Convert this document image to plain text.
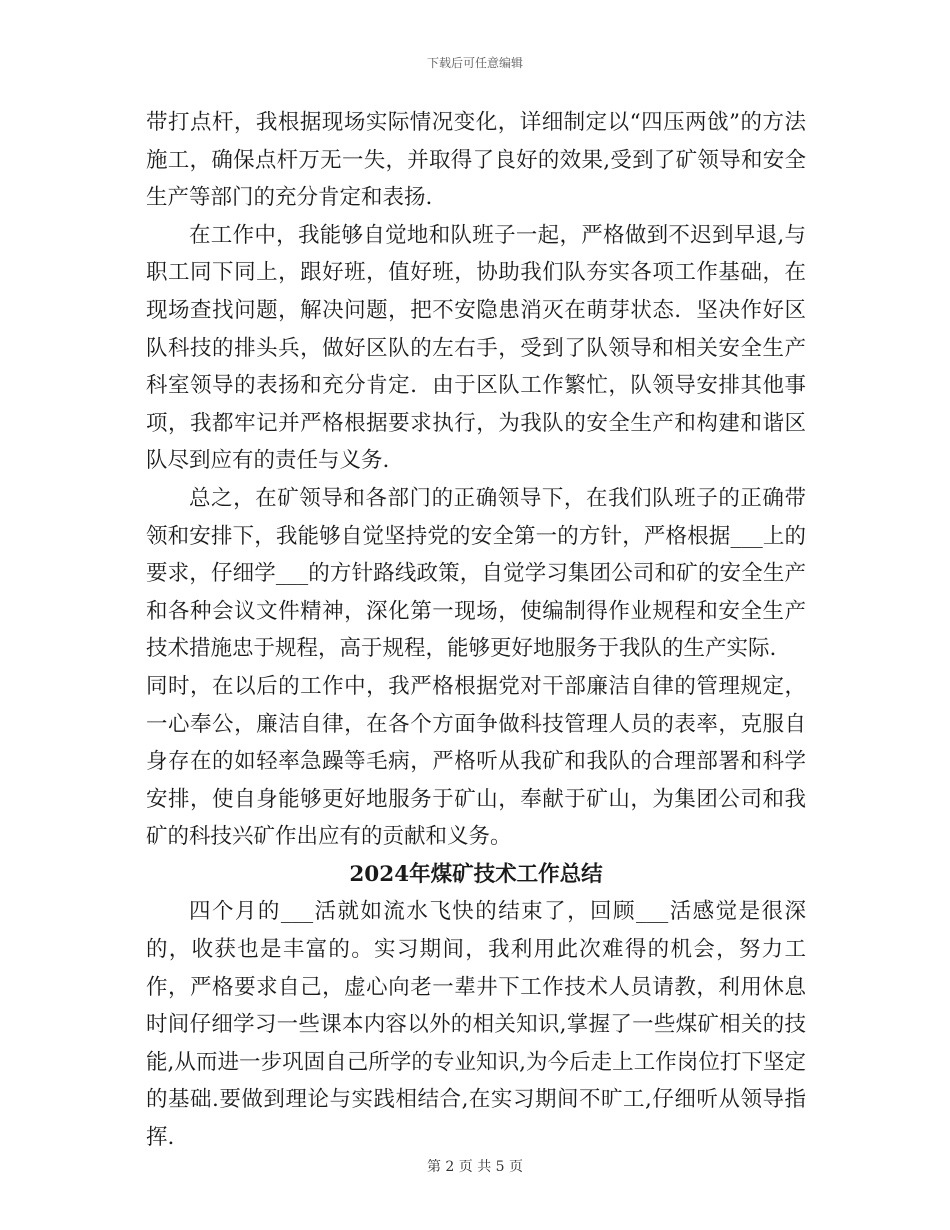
下载后可任意编辑

带打点杆，我根据现场实际情况变化，详细制定以“四压两戗”的方法施工，确保点杆万无一失，并取得了良好的效果,受到了矿领导和安全生产等部门的充分肯定和表扬.

在工作中，我能够自觉地和队班子一起，严格做到不迟到早退,与职工同下同上，跟好班，值好班，协助我们队夯实各项工作基础，在现场查找问题，解决问题，把不安隐患消灭在萌芽状态．坚决作好区队科技的排头兵，做好区队的左右手，受到了队领导和相关安全生产科室领导的表扬和充分肯定．由于区队工作繁忙，队领导安排其他事项，我都牢记并严格根据要求执行，为我队的安全生产和构建和谐区队尽到应有的责任与义务.

总之，在矿领导和各部门的正确领导下，在我们队班子的正确带领和安排下，我能够自觉坚持党的安全第一的方针，严格根据___上的要求，仔细学___的方针路线政策，自觉学习集团公司和矿的安全生产和各种会议文件精神，深化第一现场，使编制得作业规程和安全生产技术措施忠于规程，高于规程，能够更好地服务于我队的生产实际.

同时，在以后的工作中，我严格根据党对干部廉洁自律的管理规定，一心奉公，廉洁自律，在各个方面争做科技管理人员的表率，克服自身存在的如轻率急躁等毛病，严格听从我矿和我队的合理部署和科学安排，使自身能够更好地服务于矿山，奉献于矿山，为集团公司和我矿的科技兴矿作出应有的贡献和义务。

2024年煤矿技术工作总结

四个月的___活就如流水飞快的结束了，回顾___活感觉是很深的，收获也是丰富的。实习期间，我利用此次难得的机会，努力工作，严格要求自己，虚心向老一辈井下工作技术人员请教，利用休息时间仔细学习一些课本内容以外的相关知识,掌握了一些煤矿相关的技能,从而进一步巩固自己所学的专业知识,为今后走上工作岗位打下坚定的基础.要做到理论与实践相结合,在实习期间不旷工,仔细听从领导指挥.

第 2 页 共 5 页
